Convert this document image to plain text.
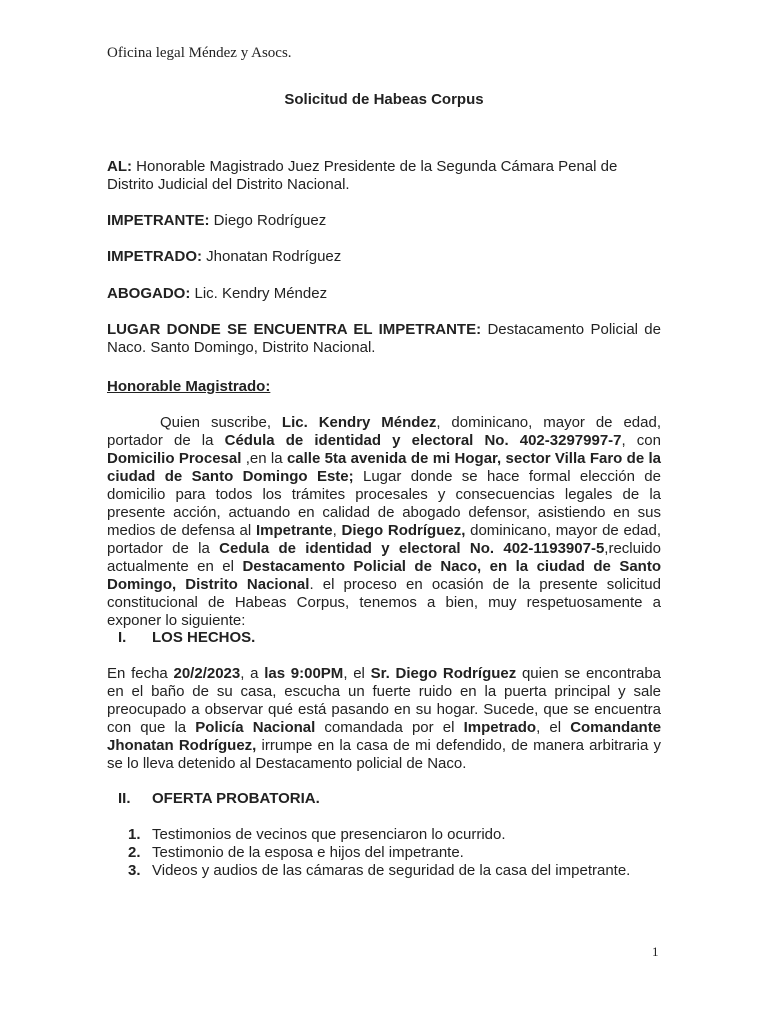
Oficina legal Méndez y Asocs.
Solicitud de Habeas Corpus
AL: Honorable Magistrado Juez Presidente de la Segunda Cámara Penal de Distrito Judicial del Distrito Nacional.
IMPETRANTE: Diego Rodríguez
IMPETRADO: Jhonatan Rodríguez
ABOGADO: Lic. Kendry Méndez
LUGAR DONDE SE ENCUENTRA EL IMPETRANTE: Destacamento Policial de Naco. Santo Domingo, Distrito Nacional.
Honorable Magistrado:
Quien suscribe, Lic. Kendry Méndez, dominicano, mayor de edad, portador de la Cédula de identidad y electoral No. 402-3297997-7, con Domicilio Procesal ,en la calle 5ta avenida de mi Hogar, sector Villa Faro de la ciudad de Santo Domingo Este; Lugar donde se hace formal elección de domicilio para todos los trámites procesales y consecuencias legales de la presente acción, actuando en calidad de abogado defensor, asistiendo en sus medios de defensa al Impetrante, Diego Rodríguez, dominicano, mayor de edad, portador de la Cedula de identidad y electoral No. 402-1193907-5,recluido actualmente en el Destacamento Policial de Naco, en la ciudad de Santo Domingo, Distrito Nacional. el proceso en ocasión de la presente solicitud constitucional de Habeas Corpus, tenemos a bien, muy respetuosamente a exponer lo siguiente:
I. LOS HECHOS.
En fecha 20/2/2023, a las 9:00PM, el Sr. Diego Rodríguez quien se encontraba en el baño de su casa, escucha un fuerte ruido en la puerta principal y sale preocupado a observar qué está pasando en su hogar. Sucede, que se encuentra con que la Policía Nacional comandada por el Impetrado, el Comandante Jhonatan Rodríguez, irrumpe en la casa de mi defendido, de manera arbitraria y se lo lleva detenido al Destacamento policial de Naco.
II. OFERTA PROBATORIA.
1. Testimonios de vecinos que presenciaron lo ocurrido.
2. Testimonio de la esposa e hijos del impetrante.
3. Videos y audios de las cámaras de seguridad de la casa del impetrante.
1
